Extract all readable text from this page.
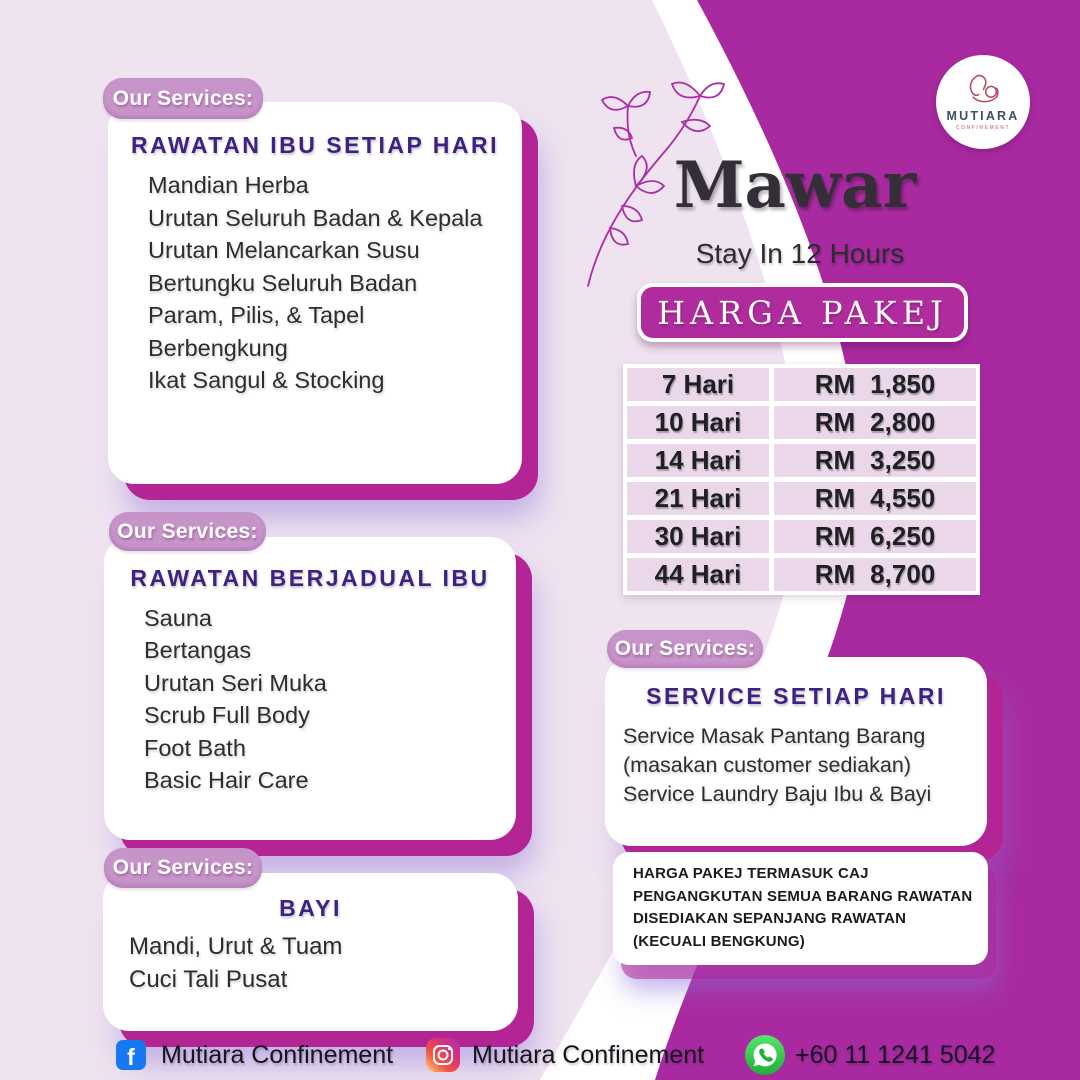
MUTIARA
CONFINEMENT
Mawar
Stay In 12 Hours
HARGA PAKEJ
7 Hari	RM 1,850
10 Hari	RM 2,800
14 Hari	RM 3,250
21 Hari	RM 4,550
30 Hari	RM 6,250
44 Hari	RM 8,700
Our Services:
RAWATAN IBU SETIAP HARI
Mandian Herba
Urutan Seluruh Badan & Kepala
Urutan Melancarkan Susu
Bertungku Seluruh Badan
Param, Pilis, & Tapel
Berbengkung
Ikat Sangul & Stocking
Our Services:
RAWATAN BERJADUAL IBU
Sauna
Bertangas
Urutan Seri Muka
Scrub Full Body
Foot Bath
Basic Hair Care
Our Services:
BAYI
Mandi, Urut & Tuam
Cuci Tali Pusat
Our Services:
SERVICE SETIAP HARI
Service Masak Pantang Barang
(masakan customer sediakan)
Service Laundry Baju Ibu & Bayi
HARGA PAKEJ TERMASUK CAJ PENGANGKUTAN SEMUA BARANG RAWATAN DISEDIAKAN SEPANJANG RAWATAN (KECUALI BENGKUNG)
f	Mutiara Confinement	Mutiara Confinement	+60 11 1241 5042
